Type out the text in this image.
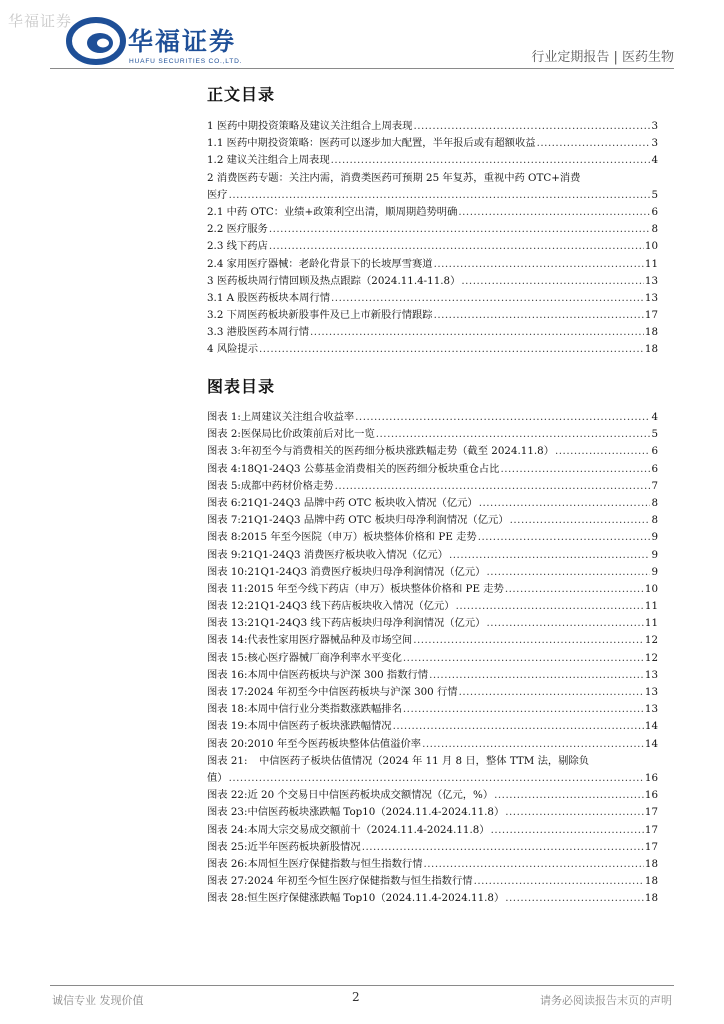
华福证券
华福证券
HUAFU SECURITIES CO.,LTD.	行业定期报告 | 医药生物
正文目录
1 医药中期投资策略及建议关注组合上周表现 .....	3
1.1 医药中期投资策略：医药可以逐步加大配置，半年报后或有超额收益 .....	3
1.2 建议关注组合上周表现 .....	4
2 消费医药专题：关注内需，消费类医药可预期 25 年复苏，重视中药 OTC+消费
医疗 .....	5
2.1 中药 OTC：业绩+政策利空出清，顺周期趋势明确 .....	6
2.2 医疗服务 .....	8
2.3 线下药店 .....	10
2.4 家用医疗器械：老龄化背景下的长坡厚雪赛道 .....	11
3 医药板块周行情回顾及热点跟踪（2024.11.4-11.8） .....	13
3.1 A 股医药板块本周行情 .....	13
3.2 下周医药板块新股事件及已上市新股行情跟踪 .....	17
3.3 港股医药本周行情 .....	18
4 风险提示 .....	18
图表目录
图表 1: 上周建议关注组合收益率 .....	4
图表 2: 医保局比价政策前后对比一览 .....	5
图表 3: 年初至今与消费相关的医药细分板块涨跌幅走势（截至 2024.11.8） .....	6
图表 4: 18Q1-24Q3 公募基金消费相关的医药细分板块重仓占比 .....	6
图表 5: 成都中药材价格走势 .....	7
图表 6: 21Q1-24Q3 品牌中药 OTC 板块收入情况（亿元） .....	8
图表 7: 21Q1-24Q3 品牌中药 OTC 板块归母净利润情况（亿元） .....	8
图表 8: 2015 年至今医院（申万）板块整体价格和 PE 走势 .....	9
图表 9: 21Q1-24Q3 消费医疗板块收入情况（亿元） .....	9
图表 10: 21Q1-24Q3 消费医疗板块归母净利润情况（亿元） .....	9
图表 11: 2015 年至今线下药店（申万）板块整体价格和 PE 走势 .....	10
图表 12: 21Q1-24Q3 线下药店板块收入情况（亿元） .....	11
图表 13: 21Q1-24Q3 线下药店板块归母净利润情况（亿元） .....	11
图表 14: 代表性家用医疗器械品种及市场空间 .....	12
图表 15: 核心医疗器械厂商净利率水平变化 .....	12
图表 16: 本周中信医药板块与沪深 300 指数行情 .....	13
图表 17: 2024 年初至今中信医药板块与沪深 300 行情 .....	13
图表 18: 本周中信行业分类指数涨跌幅排名 .....	13
图表 19: 本周中信医药子板块涨跌幅情况 .....	14
图表 20: 2010 年至今医药板块整体估值溢价率 .....	14
图表 21:	中信医药子板块估值情况（2024 年 11 月 8 日，整体 TTM 法，剔除负
值） .....	16
图表 22: 近 20 个交易日中信医药板块成交额情况（亿元，%） .....	16
图表 23: 中信医药板块涨跌幅 Top10（2024.11.4-2024.11.8） .....	17
图表 24: 本周大宗交易成交额前十（2024.11.4-2024.11.8） .....	17
图表 25: 近半年医药板块新股情况 .....	17
图表 26: 本周恒生医疗保健指数与恒生指数行情 .....	18
图表 27: 2024 年初至今恒生医疗保健指数与恒生指数行情 .....	18
图表 28: 恒生医疗保健涨跌幅 Top10（2024.11.4-2024.11.8） .....	18
诚信专业 发现价值	2	请务必阅读报告末页的声明
